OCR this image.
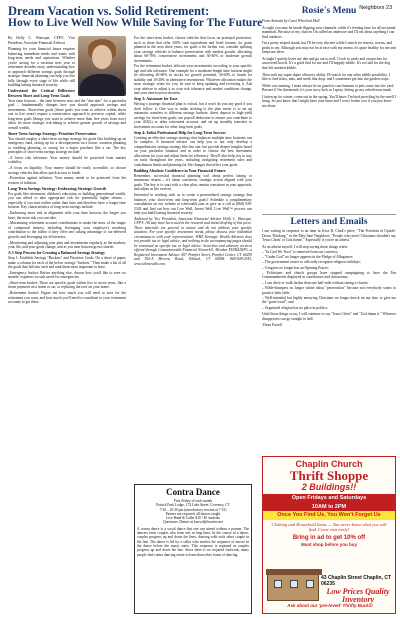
Dream Vacation vs. Solid Retirement:
How to Live Well Now While Saving for The Future
Neighbors 23
By Holly C. Wancque, CFP®, Vice President, Associate Financial Advisor

Planning for your financial future requires balancing immediate needs and wants with long-term needs and aspirations. Whether you're saving for a vacation next year or retirement decades away, understanding how to approach different savings goals through strategic financial planning can help you live fully through every stage of life while still building lasting financial security.

Understand the Critical Difference Between Short and Long-Term Goals

Your time horizon – the time between now and the "due date" for a particular goal – fundamentally changes how you should approach savings and investments. Short-term goals (those goals you want to achieve within about one to five years) require a conservative approach to preserve capital, while long-term goals (things you want to achieve more than five years from now) allow for more strategic risk-taking to achieve greater growth of savings and overall wealth.

Short-Term Savings Strategy: Prioritize Preservation

You should employ a short-term savings strategy for goals like building up an emergency fund, saving up for a downpayment on a house, vacation planning or wedding planning, or saving for a major purchase like a car. The key principles of short-term savings strategy include:

–A lower risk tolerance: Your money should be protected from market volatility.

–A focus on liquidity: Your money should be easily accessible, so choose savings vehicles that allow quick access to funds.

–Protection against inflation: Your money needs to be protected from the erosion of inflation.

Long-Term Savings Strategy: Embracing Strategic Growth

For goals like retirement, children's education, or building generational wealth, you can afford to take appropriate risk for potentially higher returns – especially if you start earlier rather than later and therefore have a longer time horizon. Key characteristics of long-term savings include:

–Embracing more risk in alignment with your time horizon; the longer you have, the more risk you can take.

–Maximizing retirement account contributions to make the most of the magic of compound interest, including leveraging your employer's matching contribution to the fullest if they offer one; taking advantage of tax-deferred growth; and leveraging tax efficiencies.

–Monitoring and adjusting your plan and investments regularly as the markets, your life, and your goals change, and as you near horizon grows shorter.

A 3-Step Process for Creating a Balanced Savings Strategy

Step 1: Establish Savings "Buckets" and Prioritize Goals. On a sheet of paper, make a column for each of the below savings "buckets." Then make a list of all the goals that fall into each and rank them most important to least.

–Emergency bucket: Before anything else, choose how you'd like to save six months' expenses in cash saved for emergencies.

–Short-term bucket: These are specific goals within five to seven years, like a down payment on a home or car, or replacing the roof on your home.

–Retirement bucket: Figure out how much you will need to save for the retirement you want, and how much you'll need to contribute to your retirement accounts to get there.

For the short-term bucket, choose vehicles that focus on principal protection, such as those that offer 100% cash equivalents and fixed income, for goals planned in the next three years, for goals a bit further out, consider splitting your savings vehicles to balance preservation with modest growth, allocating about 60-70% conservative investments and 30-40% to moderate growth investments.

For the retirement bucket, allocate your investments according to your specific age and risk tolerance. One example for a moderate-length time horizon might be allocating 40-60% in stocks for growth potential, 30-40% to bonds for stability and 10-20% in alternative investments. Whatever allocation makes the most strategic sense for you, be sure to keep updating and revisiting it. Ask your advisor to adjust it as your risk tolerance and market conditions change, and your time horizon shortens.

Step 3: Automate for Ease

Having a strategic financial plan is critical, but it won't do you any good if you don't follow it. One way to make sticking to the plan easier is to set up automatic transfers to different savings buckets: direct deposit to high-yield savings for short-term goals; use payroll deduction to ensure you contribute to your 401(k) or other retirement account; and set up monthly transfers to investment accounts for other long-term goals.

Step 4: Enlist Professional Help for Long-Term Success

Creating an effective savings strategy that balances multiple time horizons can be complex. A financial advisor can help you to not only develop a comprehensive savings strategy like this one, but provide deeper insights based on your particular situation and in order to choose the best investment allocations for your and adjust them for efficiency. They'll also help you to stay on track throughout the years, including navigating retirement rules and contribution limits and planning for life changes that affect your goals.

Building Absolute Confidence in Your Financial Future

Remember, successful financial planning isn't about perfect timing or maximum returns – it's about consistent, strategic action aligned with your goals. The key is to start with a clear plan, remain consistent in your approach, and adjust as life evolves.

Interested in working with us to create a personalized savings strategy that balances your short-term and long-term goals? Schedule a complimentary consultation on our website at whewealth.com or give us a call at (860) 928-2343 and find out how our Live Well, Invest Well, Live Well™ process can help you build lasting financial security.

Authored by Vice President, Associate Financial Advisor Holly C. Wancque, CFP®. All may have been used in the research and initial drafting of this piece. These materials are general in nature and do not address your specific situation. For your specific investment needs, please discuss your individual circumstances with your representative. WHZ Strategic Wealth Advisors does not provide tax or legal advice, and nothing in the accompanying pages should be construed as specific tax or legal advice. Securities and advisory services offered through Commonwealth Financial Network®, Member FINRA/SIPC, a Registered Investment Adviser. 697 Pomfret Street, Pomfret Center, CT 06259 and 392-A Merrow Road, Tolland, CT 06084. 860-928-2343, www.whzwealth.com.

Contra Dance
First Friday of each month
Patrick Park Lodge, 172 Lake Street, Coventry, CT
7:30 – 10:30 pm (introductory session at 7:15)
Partner not required, all dances taught
Live Band & Caller $10 / $5 students
Questions: Dennis at knowd@frontier.net
A contra dance is a social dance that one can attend without a partner. The dancers form couples who form sets in long lines. In the course of a dance, couples progress up and down the lines, dancing with each other couple in the line. The dance is led by a caller who teaches the sequence of moves in the dance before the music starts. This sequence is repeated as couples progress up and down the line. Since there is no required footwork, many people find contra dancing easier to learn than other forms of dancing.
Rosie's Menu
From Animals by Carol Wheelock Hall

At night you may be inside flipping your channels, while it's feeding time for all nocturnal mammals. Because of my choices I'm called an omnivore and I'll eat about anything I can find outdoors.

I'm a pretty striped skunk, but I'll be very discrete while I search for insects, worms, and grubs to eat. Although you may not be at ease with my aroma, it's quite healthy for me and keeps me alive.

At night I quietly leave my den and go out to troll. I look in yards and on porches for uncovered bowls. It's a good find for me and I'll happily nibble. It's too bad for the dog that left uneaten kibble.

Then with my super-duper olfactory ability I'll search for any other edible possibility. I like to find fruits, nuts, and seeds that drop, and I sometimes get into the garden crops.

While out roaming, I must always be on guard in case humans or pets come into the yard. Beware if I'm threatened, it's your sorry luck as I spray, letting go my odoriferous musk.

I fatten up for winter, come out in the spring. You'll know I'm back prowling by the smell I bring. So just know that I might have your bone and I won't bother you if you just leave me alone.

Letters and Emails

I am writing in response to an item in Jesse R. Clark's piece, "The Freedom of Upside-Down Thinking," in the May/June Neighbors: "People who aren't Christians shouldn't say 'Jesus Christ' or God damn'." Especially if you're an atheist."

As an atheist myself, I will stop saying those things when:

– "In God We Trust" is removed from our currency;

– "Under God" no longer appears in the Pledge of Allegiance;

– The government ceases to officially recognize religious holidays;

– Congress no longer has an Opening Prayer;

– Politicians and church groups have stopped campaigning to have the Ten Commandments displayed in courthouses and classrooms;

– I can drive or walk farther than one half-mile without seeing a church;

– Bible-thumpers no longer whine about "persecution" because not everybody wants to practice their faith;

– Well-intended but highly annoying Christians no longer knock on my door to give me the "good word"; and

– Organized religion has no place in politics.

Until those things occur, I will continue to say "Jesus Christ" and "God damn it." Whoever disapproves can go straight to hell.

-Dean Farrell

Chaplin Church
Thrift Shoppe
2 Buildings!!
Open Fridays and Saturdays
10AM to 2PM
Once You Find Us, You Won't Forget Us
Clothing and Household Items — You never know what you will find. Come visit early!
Bring in ad to get 10% off
Must shop before you buy
43 Chaplin Street Chaplin, CT 06235
Low Prices Quality Inventory
Ask about our 'pre-loved' Thrifty Bucks!
